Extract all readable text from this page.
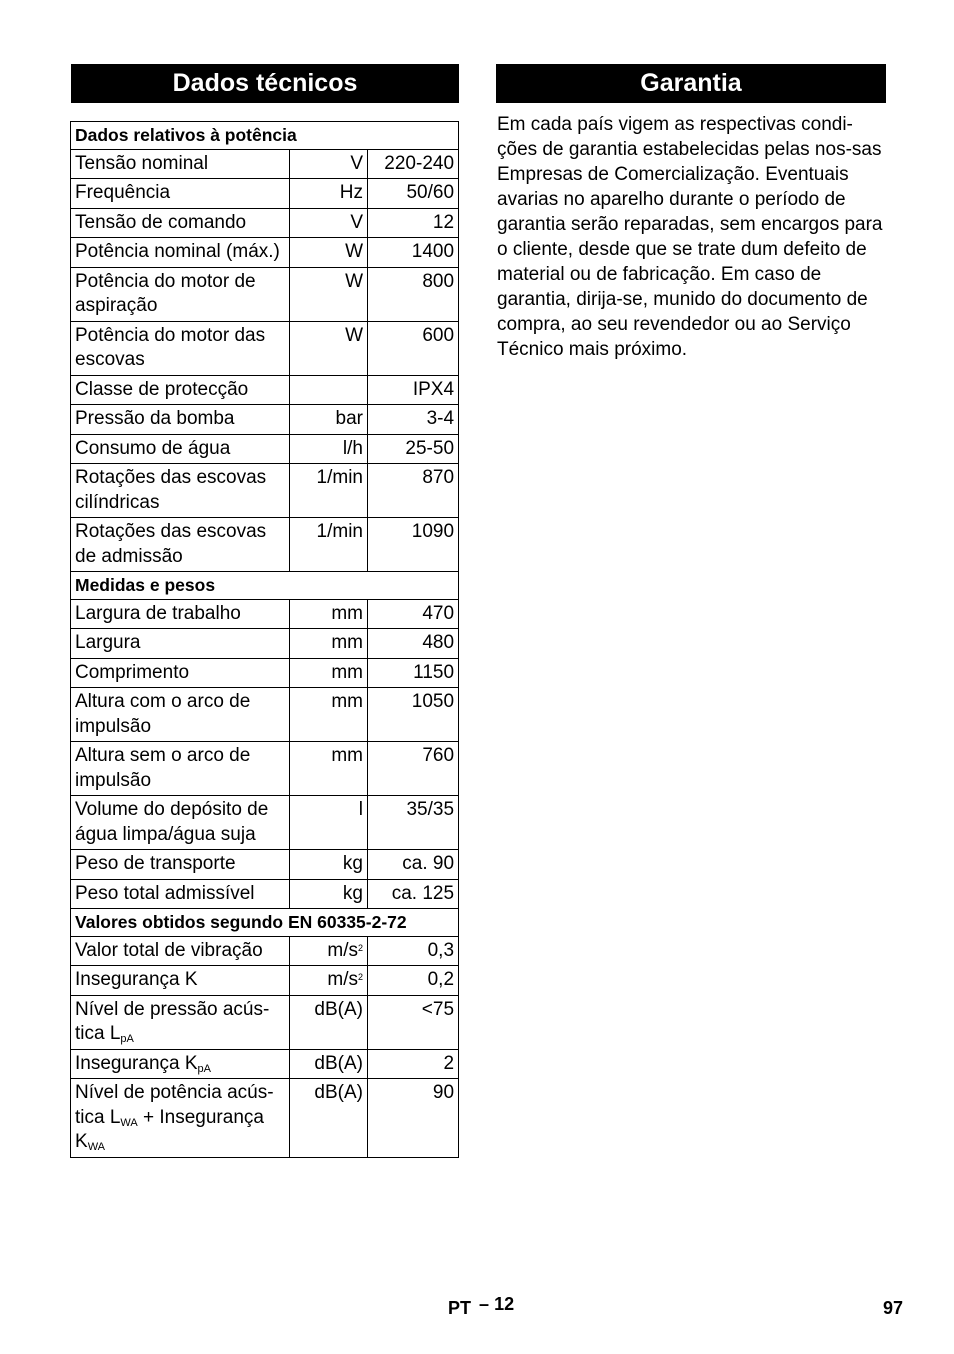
Dados técnicos	Garantia
Dados relativos à potência		
Tensão nominal	V	220-240
Frequência	Hz	50/60
Tensão de comando	V	12
Potência nominal (máx.)	W	1400
Potência do motor de aspiração	W	800
Potência do motor das escovas	W	600
Classe de protecção		IPX4
Pressão da bomba	bar	3-4
Consumo de água	l/h	25-50
Rotações das escovas cilíndricas	1/min	870
Rotações das escovas de admissão	1/min	1090
Medidas e pesos		
Largura de trabalho	mm	470
Largura	mm	480
Comprimento	mm	1150
Altura com o arco de impulsão	mm	1050
Altura sem o arco de impulsão	mm	760
Volume do depósito de água limpa/água suja	l	35/35
Peso de transporte	kg	ca. 90
Peso total admissível	kg	ca. 125
Valores obtidos segundo EN 60335-2-72		
Valor total de vibração	$m/s^2$	0,3
Insegurança K	$m/s^2$	0,2
Nível de pressão acús-tica $L_{pA}$	dB(A)	<75
Insegurança $K_{pA}$	dB(A)	2
Nível de potência acús-tica $L_{WA}$ + Insegurança $K_{WA}$	dB(A)	90

Em cada país vigem as respectivas condi-ções de garantia estabelecidas pelas nos-sas Empresas de Comercialização. Eventuais avarias no aparelho durante o período de garantia serão reparadas, sem encargos para o cliente, desde que se trate dum defeito de material ou de fabricação. Em caso de garantia, dirija-se, munido do documento de compra, ao seu revendedor ou ao Serviço Técnico mais próximo.

PT – 12	97
